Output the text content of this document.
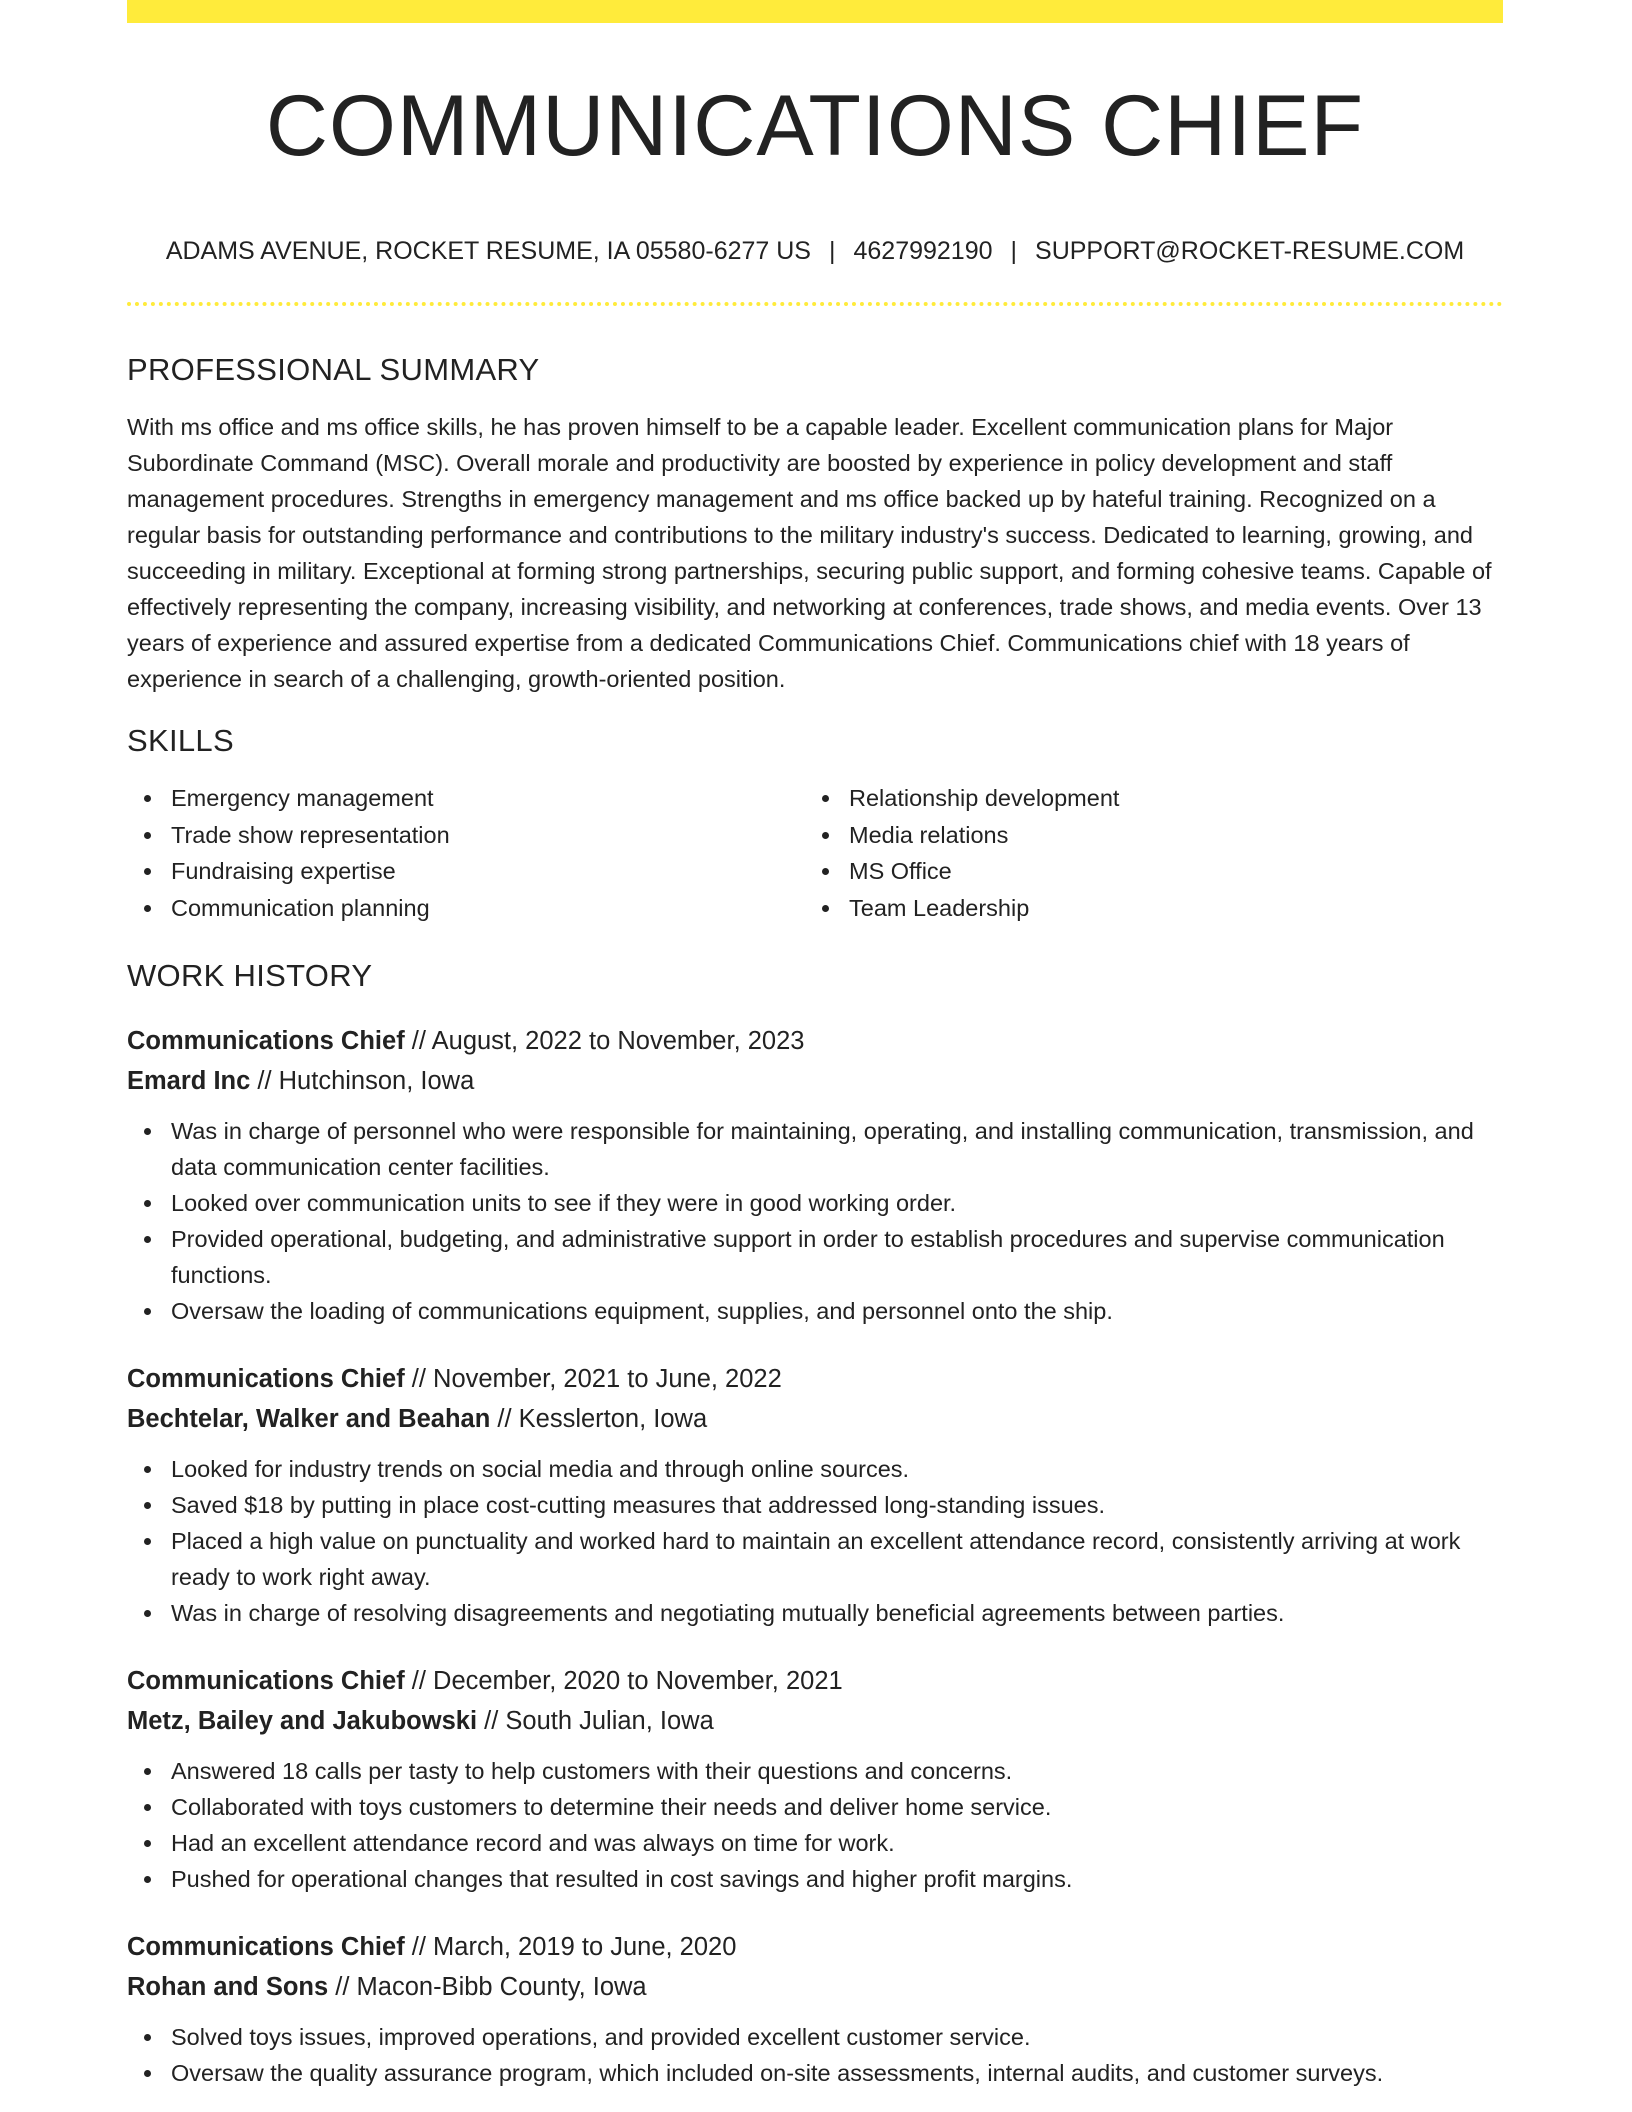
COMMUNICATIONS CHIEF
ADAMS AVENUE, ROCKET RESUME, IA 05580-6277 US | 4627992190 | SUPPORT@ROCKET-RESUME.COM
PROFESSIONAL SUMMARY
With ms office and ms office skills, he has proven himself to be a capable leader. Excellent communication plans for Major Subordinate Command (MSC). Overall morale and productivity are boosted by experience in policy development and staff management procedures. Strengths in emergency management and ms office backed up by hateful training. Recognized on a regular basis for outstanding performance and contributions to the military industry's success. Dedicated to learning, growing, and succeeding in military. Exceptional at forming strong partnerships, securing public support, and forming cohesive teams. Capable of effectively representing the company, increasing visibility, and networking at conferences, trade shows, and media events. Over 13 years of experience and assured expertise from a dedicated Communications Chief. Communications chief with 18 years of experience in search of a challenging, growth-oriented position.
SKILLS
Emergency management
Trade show representation
Fundraising expertise
Communication planning
Relationship development
Media relations
MS Office
Team Leadership
WORK HISTORY
Communications Chief // August, 2022 to November, 2023
Emard Inc // Hutchinson, Iowa
Was in charge of personnel who were responsible for maintaining, operating, and installing communication, transmission, and data communication center facilities.
Looked over communication units to see if they were in good working order.
Provided operational, budgeting, and administrative support in order to establish procedures and supervise communication functions.
Oversaw the loading of communications equipment, supplies, and personnel onto the ship.
Communications Chief // November, 2021 to June, 2022
Bechtelar, Walker and Beahan // Kesslerton, Iowa
Looked for industry trends on social media and through online sources.
Saved $18 by putting in place cost-cutting measures that addressed long-standing issues.
Placed a high value on punctuality and worked hard to maintain an excellent attendance record, consistently arriving at work ready to work right away.
Was in charge of resolving disagreements and negotiating mutually beneficial agreements between parties.
Communications Chief // December, 2020 to November, 2021
Metz, Bailey and Jakubowski // South Julian, Iowa
Answered 18 calls per tasty to help customers with their questions and concerns.
Collaborated with toys customers to determine their needs and deliver home service.
Had an excellent attendance record and was always on time for work.
Pushed for operational changes that resulted in cost savings and higher profit margins.
Communications Chief // March, 2019 to June, 2020
Rohan and Sons // Macon-Bibb County, Iowa
Solved toys issues, improved operations, and provided excellent customer service.
Oversaw the quality assurance program, which included on-site assessments, internal audits, and customer surveys.
